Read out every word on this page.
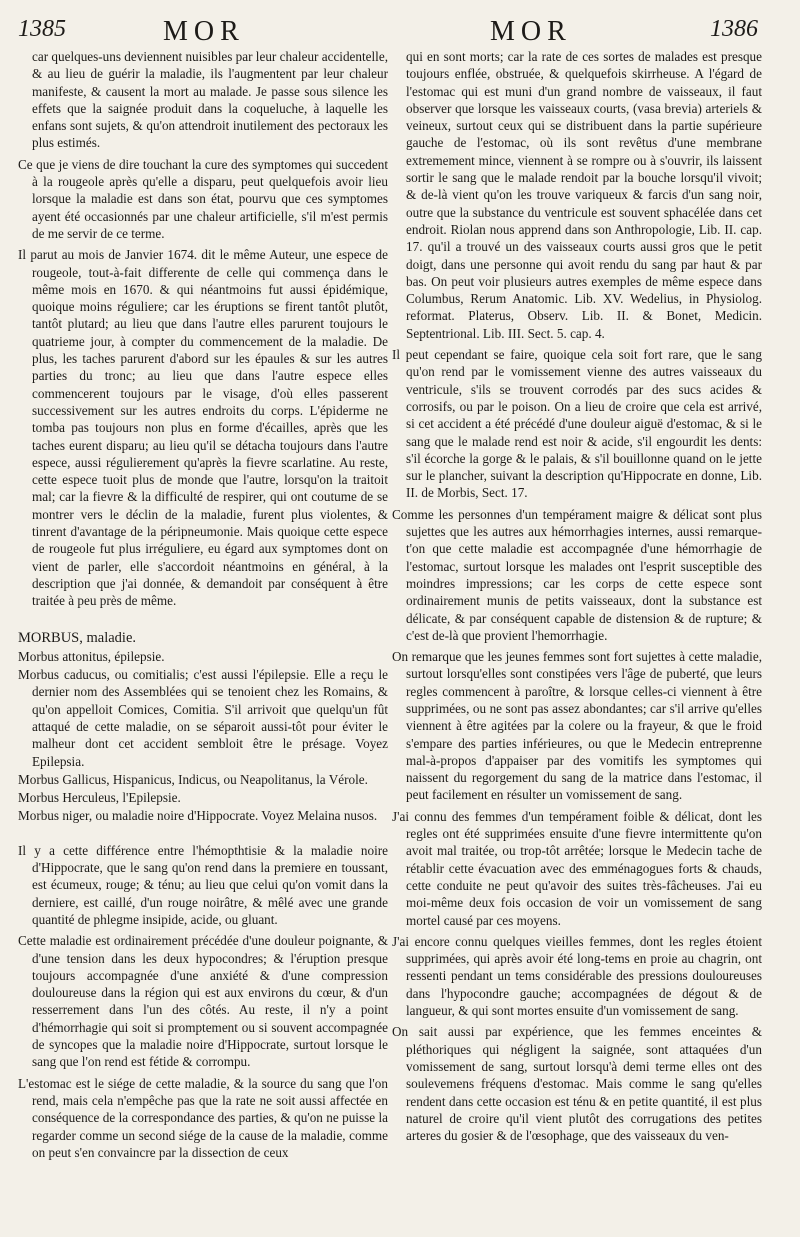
1385	MOR	MOR	1386

car quelques-uns deviennent nuisibles par leur chaleur accidentelle, & au lieu de guérir la maladie, ils l'augmentent par leur chaleur manifeste, & causent la mort au malade. Je passe sous silence les effets que la saignée produit dans la coqueluche, à laquelle les enfans sont sujets, & qu'on attendroit inutilement des pectoraux les plus estimés.

Ce que je viens de dire touchant la cure des symptomes qui succedent à la rougeole après qu'elle a disparu, peut quelquefois avoir lieu lorsque la maladie est dans son état, pourvu que ces symptomes ayent été occasionnés par une chaleur artificielle, s'il m'est permis de me servir de ce terme.

Il parut au mois de Janvier 1674. dit le même Auteur, une espece de rougeole, tout-à-fait differente de celle qui commença dans le même mois en 1670. & qui néantmoins fut aussi épidémique, quoique moins réguliere; car les éruptions se firent tantôt plutôt, tantôt plutard; au lieu que dans l'autre elles parurent toujours le quatrieme jour, à compter du commencement de la maladie. De plus, les taches parurent d'abord sur les épaules & sur les autres parties du tronc; au lieu que dans l'autre espece elles commencerent toujours par le visage, d'où elles passerent successivement sur les autres endroits du corps. L'épiderme ne tomba pas toujours non plus en forme d'écailles, après que les taches eurent disparu; au lieu qu'il se détacha toujours dans l'autre espece, aussi régulierement qu'après la fievre scarlatine. Au reste, cette espece tuoit plus de monde que l'autre, lorsqu'on la traitoit mal; car la fievre & la difficulté de respirer, qui ont coutume de se montrer vers le déclin de la maladie, furent plus violentes, & tinrent d'avantage de la péripneumonie. Mais quoique cette espece de rougeole fut plus irréguliere, eu égard aux symptomes dont on vient de parler, elle s'accordoit néantmoins en général, à la description que j'ai donnée, & demandoit par conséquent à être traitée à peu près de même.

MORBUS, maladie.

Morbus attonitus, épilepsie.

Morbus caducus, ou comitialis; c'est aussi l'épilepsie. Elle a reçu le dernier nom des Assemblées qui se tenoient chez les Romains, & qu'on appelloit Comices, Comitia. S'il arrivoit que quelqu'un fût attaqué de cette maladie, on se séparoit aussi-tôt pour éviter le malheur dont cet accident sembloit être le présage. Voyez Epilepsia.

Morbus Gallicus, Hispanicus, Indicus, ou Neapolitanus, la Vérole.

Morbus Herculeus, l'Epilepsie.

Morbus niger, ou maladie noire d'Hippocrate. Voyez Melaina nusos.

Il y a cette différence entre l'hémopthtisie & la maladie noire d'Hippocrate, que le sang qu'on rend dans la premiere en toussant, est écumeux, rouge; & ténu; au lieu que celui qu'on vomit dans la derniere, est caillé, d'un rouge noirâtre, & mêlé avec une grande quantité de phlegme insipide, acide, ou gluant.

Cette maladie est ordinairement précédée d'une douleur poignante, & d'une tension dans les deux hypocondres; & l'éruption presque toujours accompagnée d'une anxiété & d'une compression douloureuse dans la région qui est aux environs du cœur, & d'un resserrement dans l'un des côtés. Au reste, il n'y a point d'hémorrhagie qui soit si promptement ou si souvent accompagnée de syncopes que la maladie noire d'Hippocrate, surtout lorsque le sang que l'on rend est fétide & corrompu.

L'estomac est le siége de cette maladie, & la source du sang que l'on rend, mais cela n'empêche pas que la rate ne soit aussi affectée en conséquence de la correspondance des parties, & qu'on ne puisse la regarder comme un second siége de la cause de la maladie, comme on peut s'en convaincre par la dissection de ceux

qui en sont morts; car la rate de ces sortes de malades est presque toujours enflée, obstruée, & quelquefois skirrheuse. A l'égard de l'estomac qui est muni d'un grand nombre de vaisseaux, il faut observer que lorsque les vaisseaux courts, (vasa brevia) arteriels & veineux, surtout ceux qui se distribuent dans la partie supérieure gauche de l'estomac, où ils sont revêtus d'une membrane extremement mince, viennent à se rompre ou à s'ouvrir, ils laissent sortir le sang que le malade rendoit par la bouche lorsqu'il vivoit; & de-là vient qu'on les trouve variqueux & farcis d'un sang noir, outre que la substance du ventricule est souvent sphacélée dans cet endroit. Riolan nous apprend dans son Anthropologie, Lib. II. cap. 17. qu'il a trouvé un des vaisseaux courts aussi gros que le petit doigt, dans une personne qui avoit rendu du sang par haut & par bas. On peut voir plusieurs autres exemples de même espece dans Columbus, Rerum Anatomic. Lib. XV. Wedelius, in Physiolog. reformat. Platerus, Observ. Lib. II. & Bonet, Medicin. Septentrional. Lib. III. Sect. 5. cap. 4.

Il peut cependant se faire, quoique cela soit fort rare, que le sang qu'on rend par le vomissement vienne des autres vaisseaux du ventricule, s'ils se trouvent corrodés par des sucs acides & corrosifs, ou par le poison. On a lieu de croire que cela est arrivé, si cet accident a été précédé d'une douleur aiguë d'estomac, & si le sang que le malade rend est noir & acide, s'il engourdit les dents: s'il écorche la gorge & le palais, & s'il bouillonne quand on le jette sur le plancher, suivant la description qu'Hippocrate en donne, Lib. II. de Morbis, Sect. 17.

Comme les personnes d'un tempérament maigre & délicat sont plus sujettes que les autres aux hémorrhagies internes, aussi remarque-t'on que cette maladie est accompagnée d'une hémorrhagie de l'estomac, surtout lorsque les malades ont l'esprit susceptible des moindres impressions; car les corps de cette espece sont ordinairement munis de petits vaisseaux, dont la substance est délicate, & par conséquent capable de distension & de rupture; & c'est de-là que provient l'hemorrhagie.

On remarque que les jeunes femmes sont fort sujettes à cette maladie, surtout lorsqu'elles sont constipées vers l'âge de puberté, que leurs regles commencent à paroître, & lorsque celles-ci viennent à être supprimées, ou ne sont pas assez abondantes; car s'il arrive qu'elles viennent à être agitées par la colere ou la frayeur, & que le froid s'empare des parties inférieures, ou que le Medecin entreprenne mal-à-propos d'appaiser par des vomitifs les symptomes qui naissent du regorgement du sang de la matrice dans l'estomac, il peut facilement en résulter un vomissement de sang.

J'ai connu des femmes d'un tempérament foible & délicat, dont les regles ont été supprimées ensuite d'une fievre intermittente qu'on avoit mal traitée, ou trop-tôt arrêtée; lorsque le Medecin tache de rétablir cette évacuation avec des emménagogues forts & chauds, cette conduite ne peut qu'avoir des suites très-fâcheuses. J'ai eu moi-même deux fois occasion de voir un vomissement de sang mortel causé par ces moyens.

J'ai encore connu quelques vieilles femmes, dont les regles étoient supprimées, qui après avoir été long-tems en proie au chagrin, ont ressenti pendant un tems considérable des pressions douloureuses dans l'hypocondre gauche; accompagnées de dégout & de langueur, & qui sont mortes ensuite d'un vomissement de sang.

On sait aussi par expérience, que les femmes enceintes & pléthoriques qui négligent la saignée, sont attaquées d'un vomissement de sang, surtout lorsqu'à demi terme elles ont des soulevemens fréquens d'estomac. Mais comme le sang qu'elles rendent dans cette occasion est ténu & en petite quantité, il est plus naturel de croire qu'il vient plutôt des corrugations des petites arteres du gosier & de l'œsophage, que des vaisseaux du ven-
